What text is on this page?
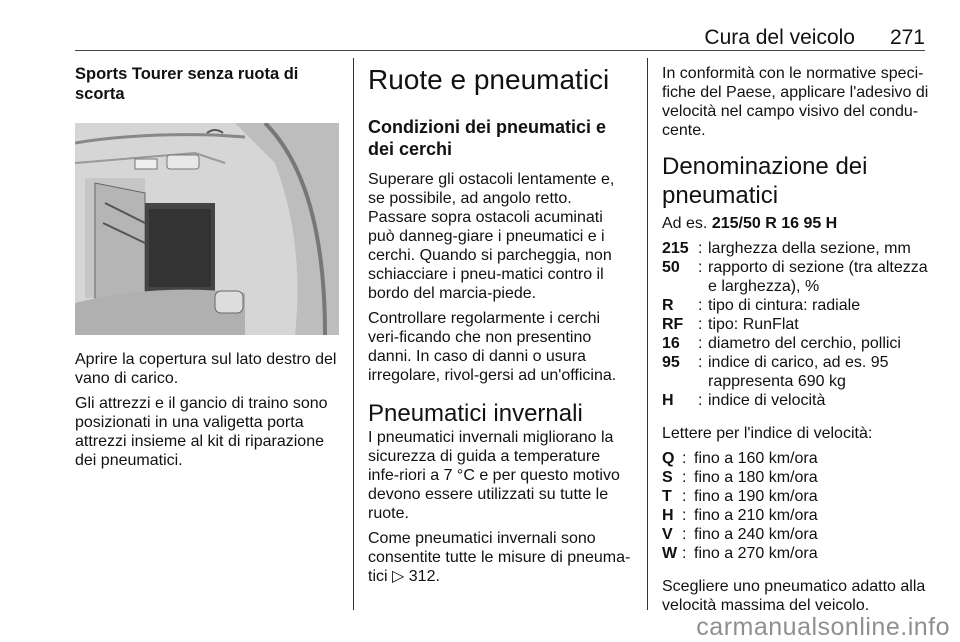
Cura del veicolo 271
Sports Tourer senza ruota di scorta

Aprire la copertura sul lato destro del vano di carico.

Gli attrezzi e il gancio di traino sono posizionati in una valigetta porta attrezzi insieme al kit di riparazione dei pneumatici.

Ruote e pneumatici
Condizioni dei pneumatici e dei cerchi

Superare gli ostacoli lentamente e, se possibile, ad angolo retto. Passare sopra ostacoli acuminati può danneg-giare i pneumatici e i cerchi. Quando si parcheggia, non schiacciare i pneu-matici contro il bordo del marcia-piede.

Controllare regolarmente i cerchi veri-ficando che non presentino danni. In caso di danni o usura irregolare, rivol-gersi ad un'officina.

Pneumatici invernali

I pneumatici invernali migliorano la sicurezza di guida a temperature infe-riori a 7 °C e per questo motivo devono essere utilizzati su tutte le ruote.

Come pneumatici invernali sono consentite tutte le misure di pneuma-tici ▷ 312.

In conformità con le normative speci-fiche del Paese, applicare l'adesivo di velocità nel campo visivo del condu-cente.

Denominazione dei pneumatici

Ad es. 215/50 R 16 95 H

215 : larghezza della sezione, mm
50	: rapporto di sezione (tra altezza e larghezza), %
R	: tipo di cintura: radiale
RF : tipo: RunFlat
16	: diametro del cerchio, pollici
95	: indice di carico, ad es. 95 rappresenta 690 kg
H	: indice di velocità

Lettere per l'indice di velocità:

Q : fino a 160 km/ora
S : fino a 180 km/ora
T : fino a 190 km/ora
H : fino a 210 km/ora
V : fino a 240 km/ora
W : fino a 270 km/ora

Scegliere uno pneumatico adatto alla velocità massima del veicolo.

carmanualsonline.info
